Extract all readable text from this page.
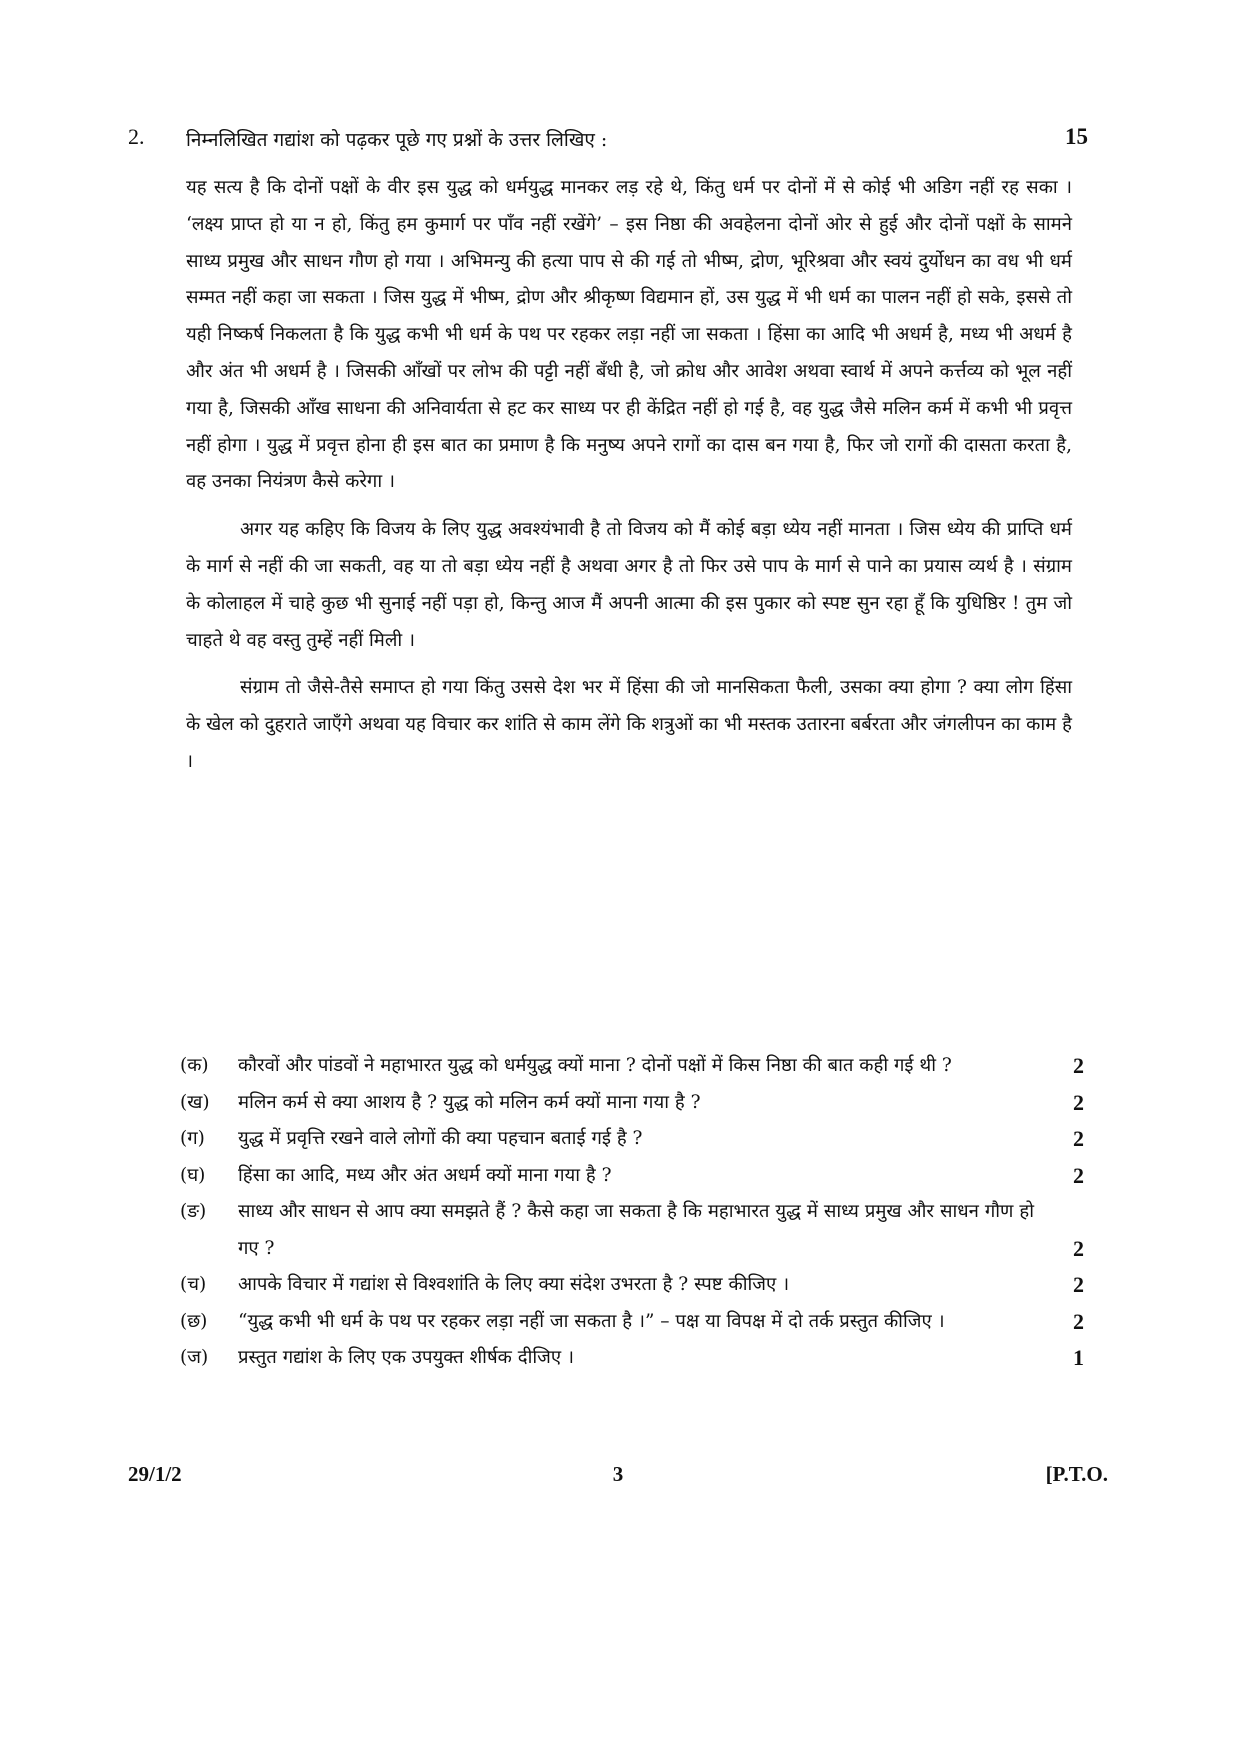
2. निम्नलिखित गद्यांश को पढ़कर पूछे गए प्रश्नों के उत्तर लिखिए :	15

यह सत्य है कि दोनों पक्षों के वीर इस युद्ध को धर्मयुद्ध मानकर लड़ रहे थे, किंतु धर्म पर दोनों में से कोई भी अडिग नहीं रह सका । ‘लक्ष्य प्राप्त हो या न हो, किंतु हम कुमार्ग पर पाँव नहीं रखेंगे’ – इस निष्ठा की अवहेलना दोनों ओर से हुई और दोनों पक्षों के सामने साध्य प्रमुख और साधन गौण हो गया । अभिमन्यु की हत्या पाप से की गई तो भीष्म, द्रोण, भूरिश्रवा और स्वयं दुर्योधन का वध भी धर्म सम्मत नहीं कहा जा सकता । जिस युद्ध में भीष्म, द्रोण और श्रीकृष्ण विद्यमान हों, उस युद्ध में भी धर्म का पालन नहीं हो सके, इससे तो यही निष्कर्ष निकलता है कि युद्ध कभी भी धर्म के पथ पर रहकर लड़ा नहीं जा सकता । हिंसा का आदि भी अधर्म है, मध्य भी अधर्म है और अंत भी अधर्म है । जिसकी आँखों पर लोभ की पट्टी नहीं बँधी है, जो क्रोध और आवेश अथवा स्वार्थ में अपने कर्त्तव्य को भूल नहीं गया है, जिसकी आँख साधना की अनिवार्यता से हट कर साध्य पर ही केंद्रित नहीं हो गई है, वह युद्ध जैसे मलिन कर्म में कभी भी प्रवृत्त नहीं होगा । युद्ध में प्रवृत्त होना ही इस बात का प्रमाण है कि मनुष्य अपने रागों का दास बन गया है, फिर जो रागों की दासता करता है, वह उनका नियंत्रण कैसे करेगा ।

अगर यह कहिए कि विजय के लिए युद्ध अवश्यंभावी है तो विजय को मैं कोई बड़ा ध्येय नहीं मानता । जिस ध्येय की प्राप्ति धर्म के मार्ग से नहीं की जा सकती, वह या तो बड़ा ध्येय नहीं है अथवा अगर है तो फिर उसे पाप के मार्ग से पाने का प्रयास व्यर्थ है । संग्राम के कोलाहल में चाहे कुछ भी सुनाई नहीं पड़ा हो, किन्तु आज मैं अपनी आत्मा की इस पुकार को स्पष्ट सुन रहा हूँ कि युधिष्ठिर ! तुम जो चाहते थे वह वस्तु तुम्हें नहीं मिली ।

संग्राम तो जैसे-तैसे समाप्त हो गया किंतु उससे देश भर में हिंसा की जो मानसिकता फैली, उसका क्या होगा ? क्या लोग हिंसा के खेल को दुहराते जाएँगे अथवा यह विचार कर शांति से काम लेंगे कि शत्रुओं का भी मस्तक उतारना बर्बरता और जंगलीपन का काम है ।

(क) कौरवों और पांडवों ने महाभारत युद्ध को धर्मयुद्ध क्यों माना ? दोनों पक्षों में किस निष्ठा की बात कही गई थी ?	2
(ख) मलिन कर्म से क्या आशय है ? युद्ध को मलिन कर्म क्यों माना गया है ?	2
(ग) युद्ध में प्रवृत्ति रखने वाले लोगों की क्या पहचान बताई गई है ?	2
(घ) हिंसा का आदि, मध्य और अंत अधर्म क्यों माना गया है ?	2
(ङ) साध्य और साधन से आप क्या समझते हैं ? कैसे कहा जा सकता है कि महाभारत युद्ध में साध्य प्रमुख और साधन गौण हो गए ?	2
(च) आपके विचार में गद्यांश से विश्वशांति के लिए क्या संदेश उभरता है ? स्पष्ट कीजिए ।	2
(छ) “युद्ध कभी भी धर्म के पथ पर रहकर लड़ा नहीं जा सकता है ।” – पक्ष या विपक्ष में दो तर्क प्रस्तुत कीजिए ।	2
(ज) प्रस्तुत गद्यांश के लिए एक उपयुक्त शीर्षक दीजिए ।	1
29/1/2	3	[P.T.O.
